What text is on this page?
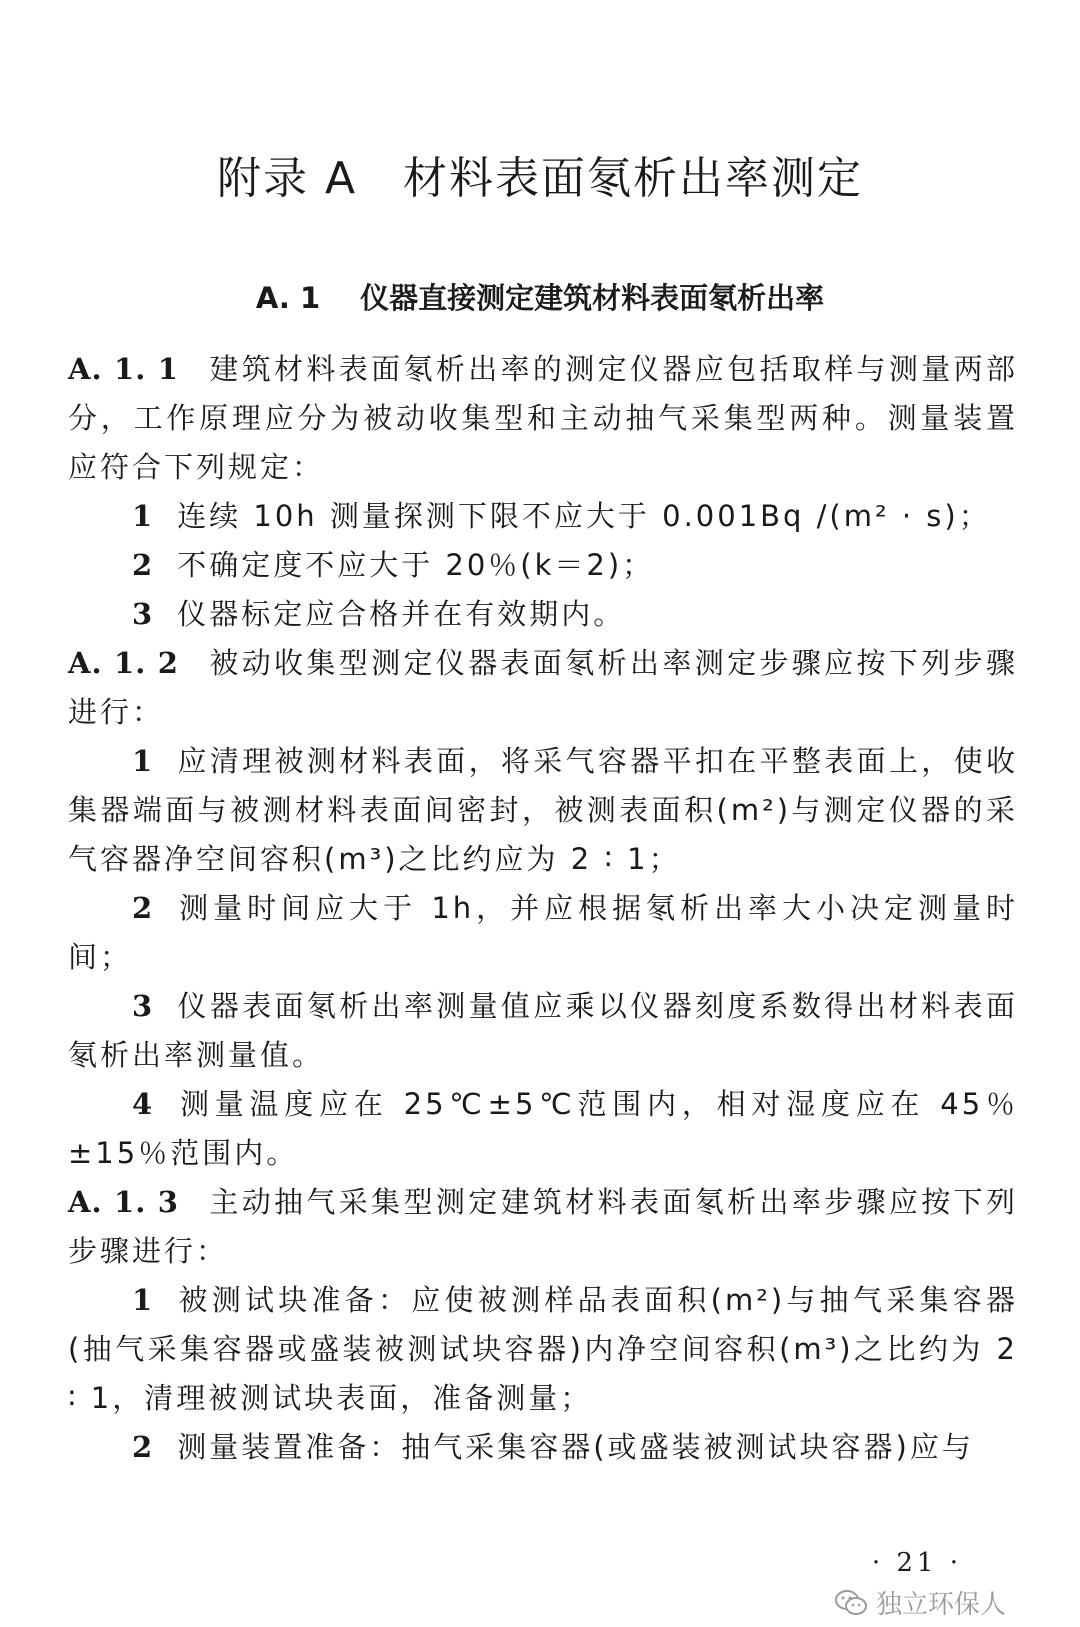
附录 A 材料表面氡析出率测定
A. 1 仪器直接测定建筑材料表面氡析出率

A. 1. 1 建筑材料表面氡析出率的测定仪器应包括取样与测量两部分，工作原理应分为被动收集型和主动抽气采集型两种。测量装置应符合下列规定：

1 连续 10h 测量探测下限不应大于 0.001Bq /(m² · s)；

2 不确定度不应大于 20％(k＝2)；

3 仪器标定应合格并在有效期内。

A. 1. 2 被动收集型测定仪器表面氡析出率测定步骤应按下列步骤进行：

1 应清理被测材料表面，将采气容器平扣在平整表面上，使收集器端面与被测材料表面间密封，被测表面积(m²)与测定仪器的采气容器净空间容积(m³)之比约应为 2 ∶ 1；

2 测量时间应大于 1h，并应根据氡析出率大小决定测量时间；

3 仪器表面氡析出率测量值应乘以仪器刻度系数得出材料表面氡析出率测量值。

4 测量温度应在 25℃±5℃范围内，相对湿度应在 45％ ±15％范围内。

A. 1. 3 主动抽气采集型测定建筑材料表面氡析出率步骤应按下列步骤进行：

1 被测试块准备：应使被测样品表面积(m²)与抽气采集容器(抽气采集容器或盛装被测试块容器)内净空间容积(m³)之比约为 2 ∶ 1，清理被测试块表面，准备测量；

2 测量装置准备：抽气采集容器(或盛装被测试块容器)应与

· 21 ·
独立环保人
